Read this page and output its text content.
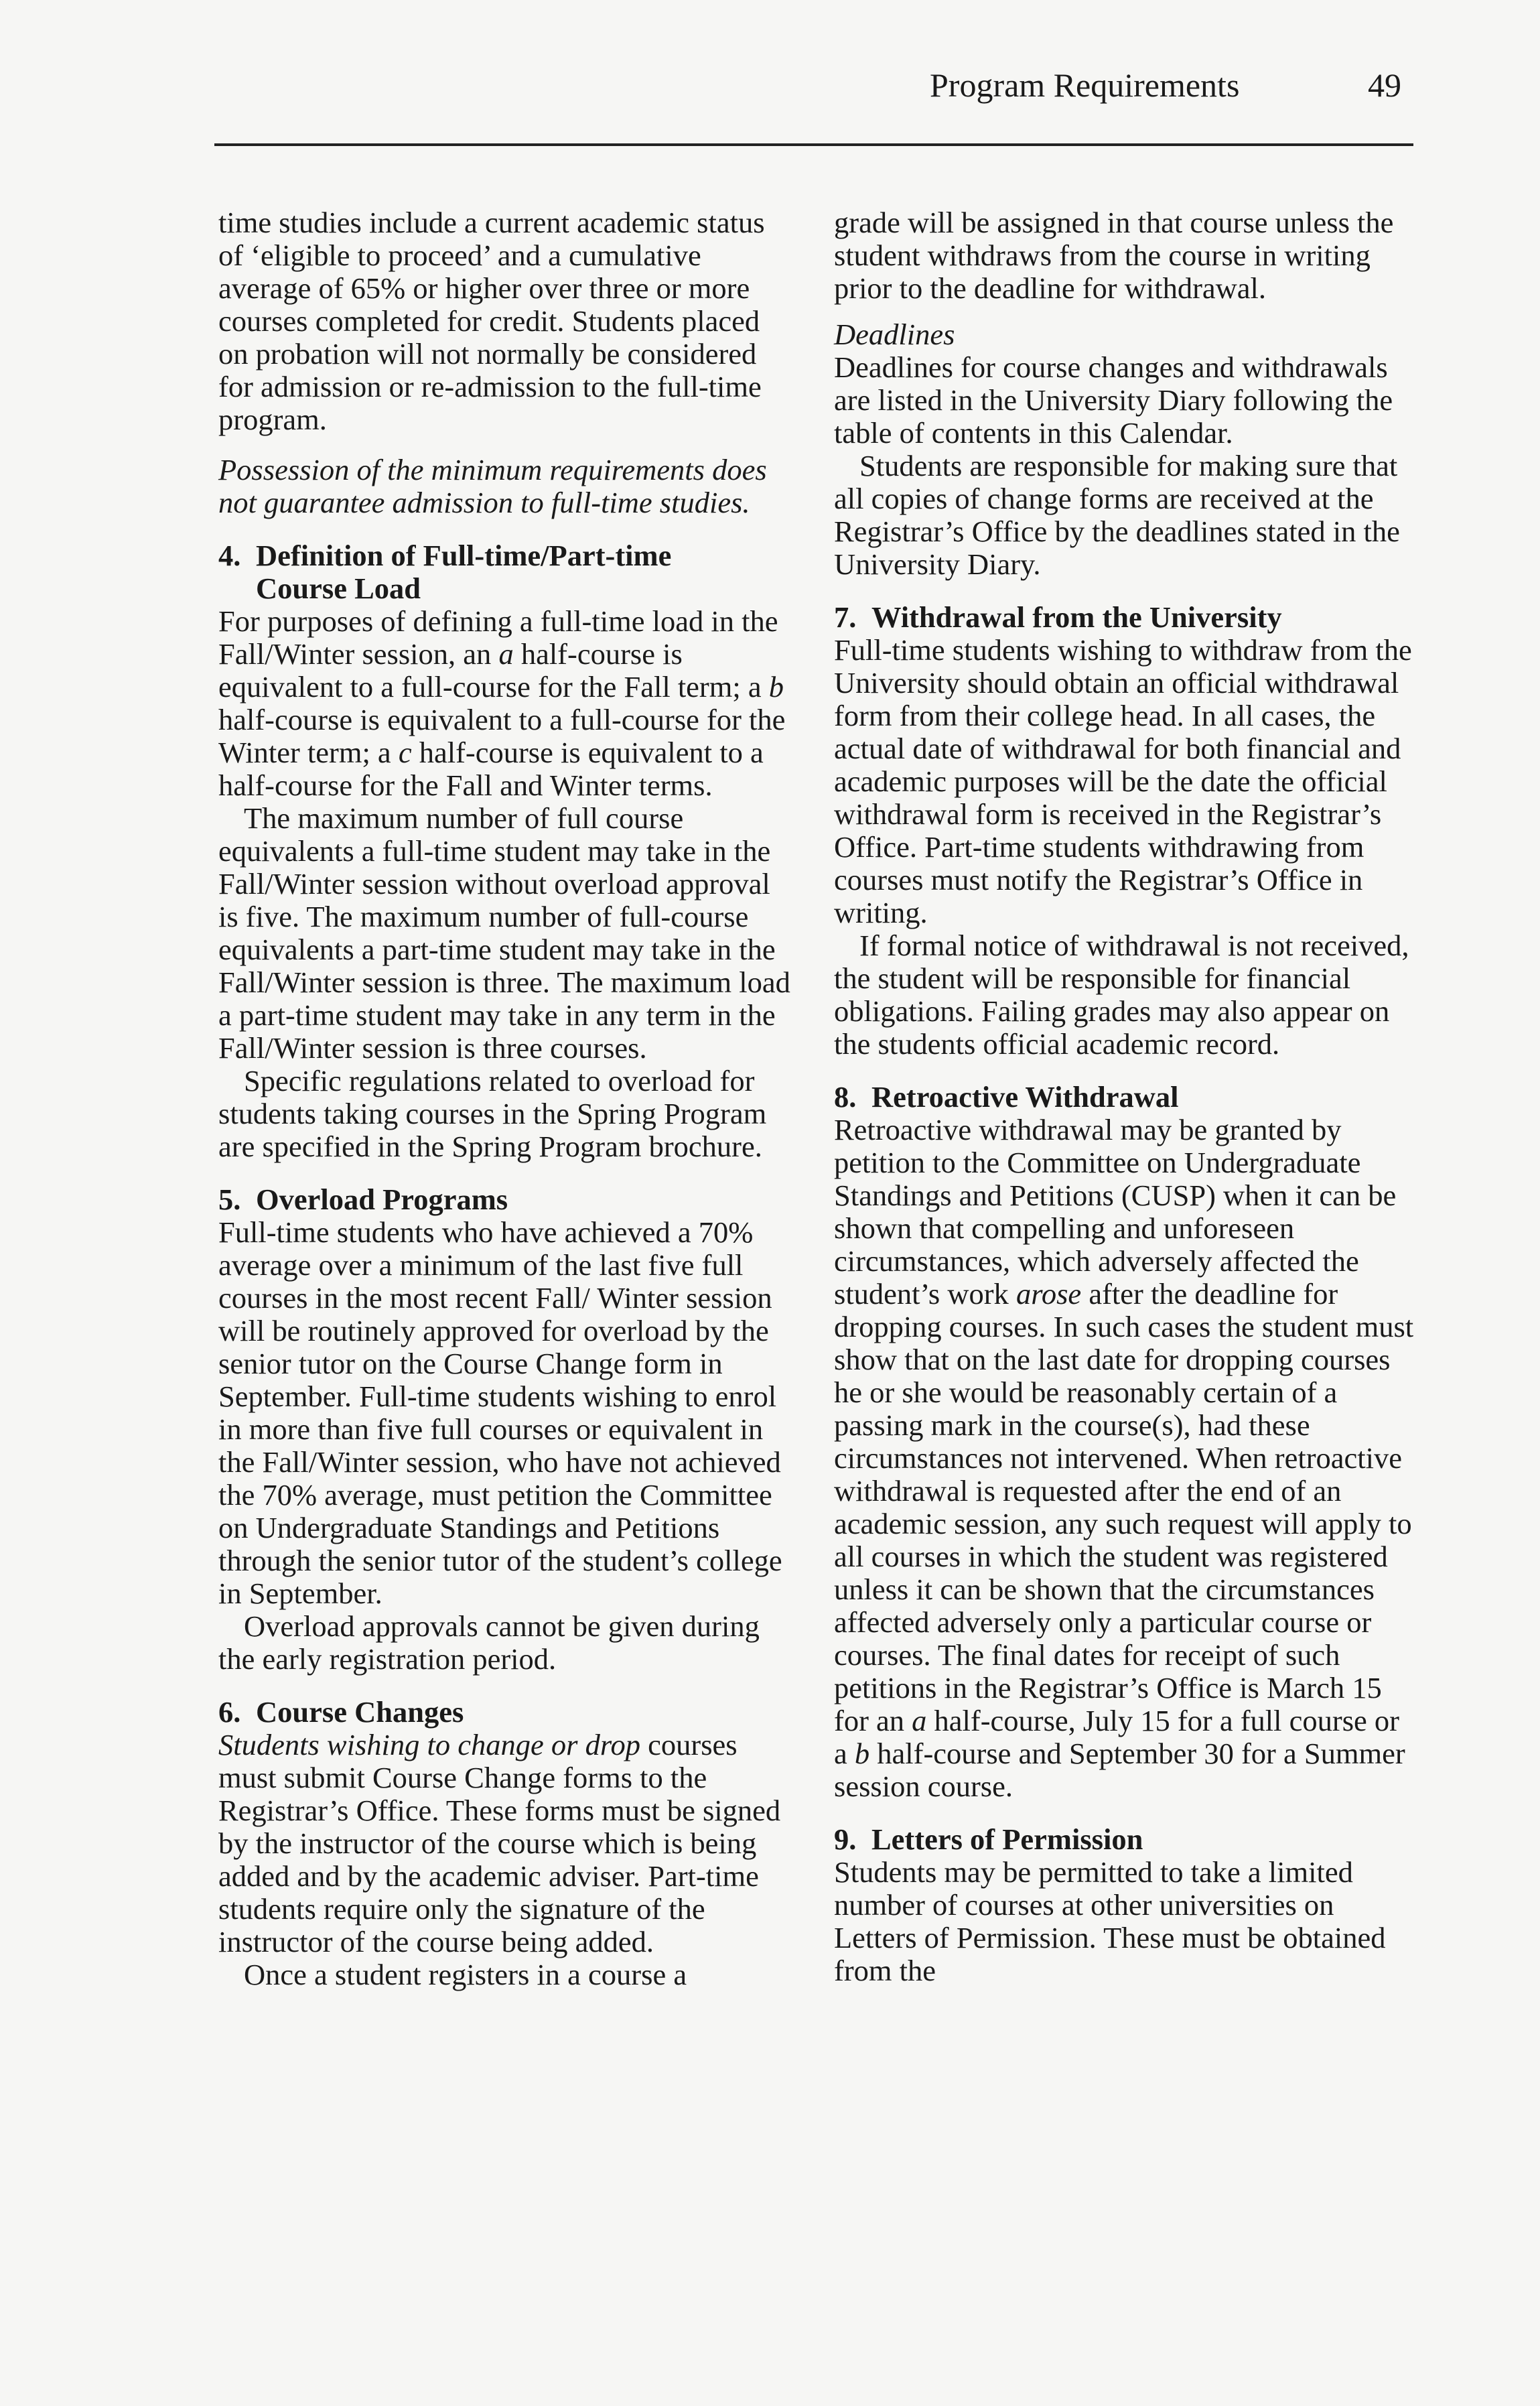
Program Requirements	49

time studies include a current academic status of ‘eligible to proceed’ and a cumulative average of 65% or higher over three or more courses completed for credit. Students placed on probation will not normally be considered for admission or re-admission to the full-time program.

Possession of the minimum requirements does not guarantee admission to full-time studies.

4. Definition of Full-time/Part-time
Course Load

For purposes of defining a full-time load in the Fall/Winter session, an a half-course is equivalent to a full-course for the Fall term; a b half-course is equivalent to a full-course for the Winter term; a c half-course is equivalent to a half-course for the Fall and Winter terms.

The maximum number of full course equivalents a full-time student may take in the Fall/Winter session without overload approval is five. The maximum number of full-course equivalents a part-time student may take in the Fall/Winter session is three. The maximum load a part-time student may take in any term in the Fall/Winter session is three courses.

Specific regulations related to overload for students taking courses in the Spring Program are specified in the Spring Program brochure.

5. Overload Programs

Full-time students who have achieved a 70% average over a minimum of the last five full courses in the most recent Fall/ Winter session will be routinely approved for overload by the senior tutor on the Course Change form in September. Full-time students wishing to enrol in more than five full courses or equivalent in the Fall/Winter session, who have not achieved the 70% average, must petition the Committee on Undergraduate Standings and Petitions through the senior tutor of the student’s college in September.

Overload approvals cannot be given during the early registration period.

6. Course Changes

Students wishing to change or drop courses must submit Course Change forms to the Registrar’s Office. These forms must be signed by the instructor of the course which is being added and by the academic adviser. Part-time students require only the signature of the instructor of the course being added.

Once a student registers in a course a

grade will be assigned in that course unless the student withdraws from the course in writing prior to the deadline for withdrawal.

Deadlines

Deadlines for course changes and withdrawals are listed in the University Diary following the table of contents in this Calendar.

Students are responsible for making sure that all copies of change forms are received at the Registrar’s Office by the deadlines stated in the University Diary.

7. Withdrawal from the University

Full-time students wishing to withdraw from the University should obtain an official withdrawal form from their college head. In all cases, the actual date of withdrawal for both financial and academic purposes will be the date the official withdrawal form is received in the Registrar’s Office. Part-time students withdrawing from courses must notify the Registrar’s Office in writing.

If formal notice of withdrawal is not received, the student will be responsible for financial obligations. Failing grades may also appear on the students official academic record.

8. Retroactive Withdrawal

Retroactive withdrawal may be granted by petition to the Committee on Undergraduate Standings and Petitions (CUSP) when it can be shown that compelling and unforeseen circumstances, which adversely affected the student’s work arose after the deadline for dropping courses. In such cases the student must show that on the last date for dropping courses he or she would be reasonably certain of a passing mark in the course(s), had these circumstances not intervened. When retroactive withdrawal is requested after the end of an academic session, any such request will apply to all courses in which the student was registered unless it can be shown that the circumstances affected adversely only a particular course or courses. The final dates for receipt of such petitions in the Registrar’s Office is March 15 for an a half-course, July 15 for a full course or a b half-course and September 30 for a Summer session course.

9. Letters of Permission

Students may be permitted to take a limited number of courses at other universities on Letters of Permission. These must be obtained from the
